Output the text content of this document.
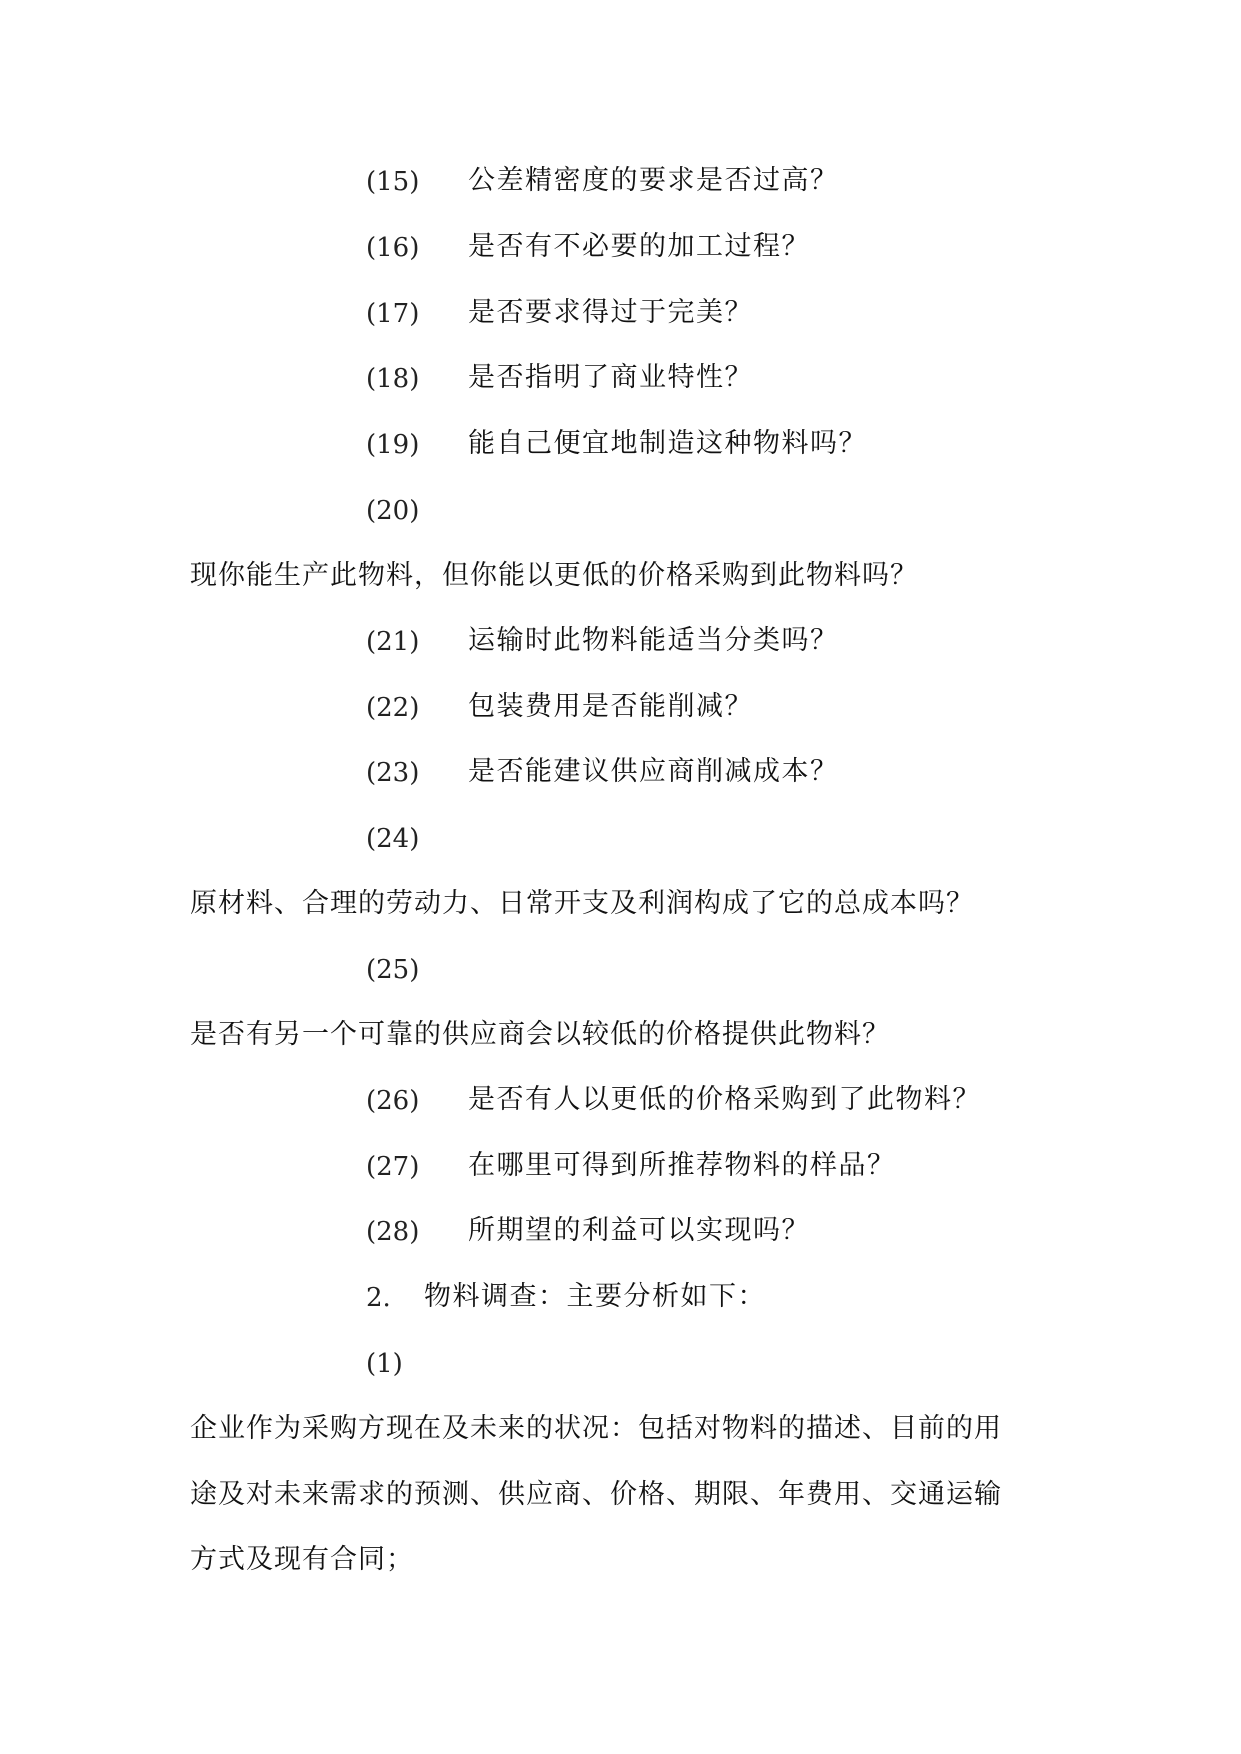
(15) 公差精密度的要求是否过高？
(16) 是否有不必要的加工过程？
(17) 是否要求得过于完美？
(18) 是否指明了商业特性？
(19) 能自己便宜地制造这种物料吗？
(20)
现你能生产此物料，但你能以更低的价格采购到此物料吗？
(21) 运输时此物料能适当分类吗？
(22) 包装费用是否能削减？
(23) 是否能建议供应商削减成本？
(24)
原材料、合理的劳动力、日常开支及利润构成了它的总成本吗？
(25)
是否有另一个可靠的供应商会以较低的价格提供此物料？
(26) 是否有人以更低的价格采购到了此物料？
(27) 在哪里可得到所推荐物料的样品？
(28) 所期望的利益可以实现吗？
2. 物料调查：主要分析如下：
(1)
企业作为采购方现在及未来的状况：包括对物料的描述、目前的用
途及对未来需求的预测、供应商、价格、期限、年费用、交通运输
方式及现有合同；
